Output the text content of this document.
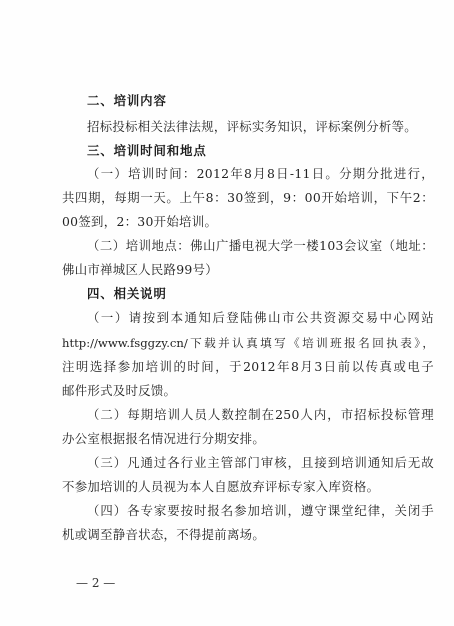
二、培训内容
招标投标相关法律法规，评标实务知识，评标案例分析等。
三、培训时间和地点
（一）培训时间：2012年8月8日-11日。分期分批进行，
共四期，每期一天。上午8：30签到，9：00开始培训，下午2：
00签到，2：30开始培训。
（二）培训地点：佛山广播电视大学一楼103会议室（地址：
佛山市禅城区人民路99号）
四、相关说明
（一）请按到本通知后登陆佛山市公共资源交易中心网站
http://www.fsggzy.cn/下载并认真填写《培训班报名回执表》，
注明选择参加培训的时间，于2012年8月3日前以传真或电子
邮件形式及时反馈。
（二）每期培训人员人数控制在250人内，市招标投标管理
办公室根据报名情况进行分期安排。
（三）凡通过各行业主管部门审核，且接到培训通知后无故
不参加培训的人员视为本人自愿放弃评标专家入库资格。
（四）各专家要按时报名参加培训，遵守课堂纪律，关闭手
机或调至静音状态，不得提前离场。
— 2 —
